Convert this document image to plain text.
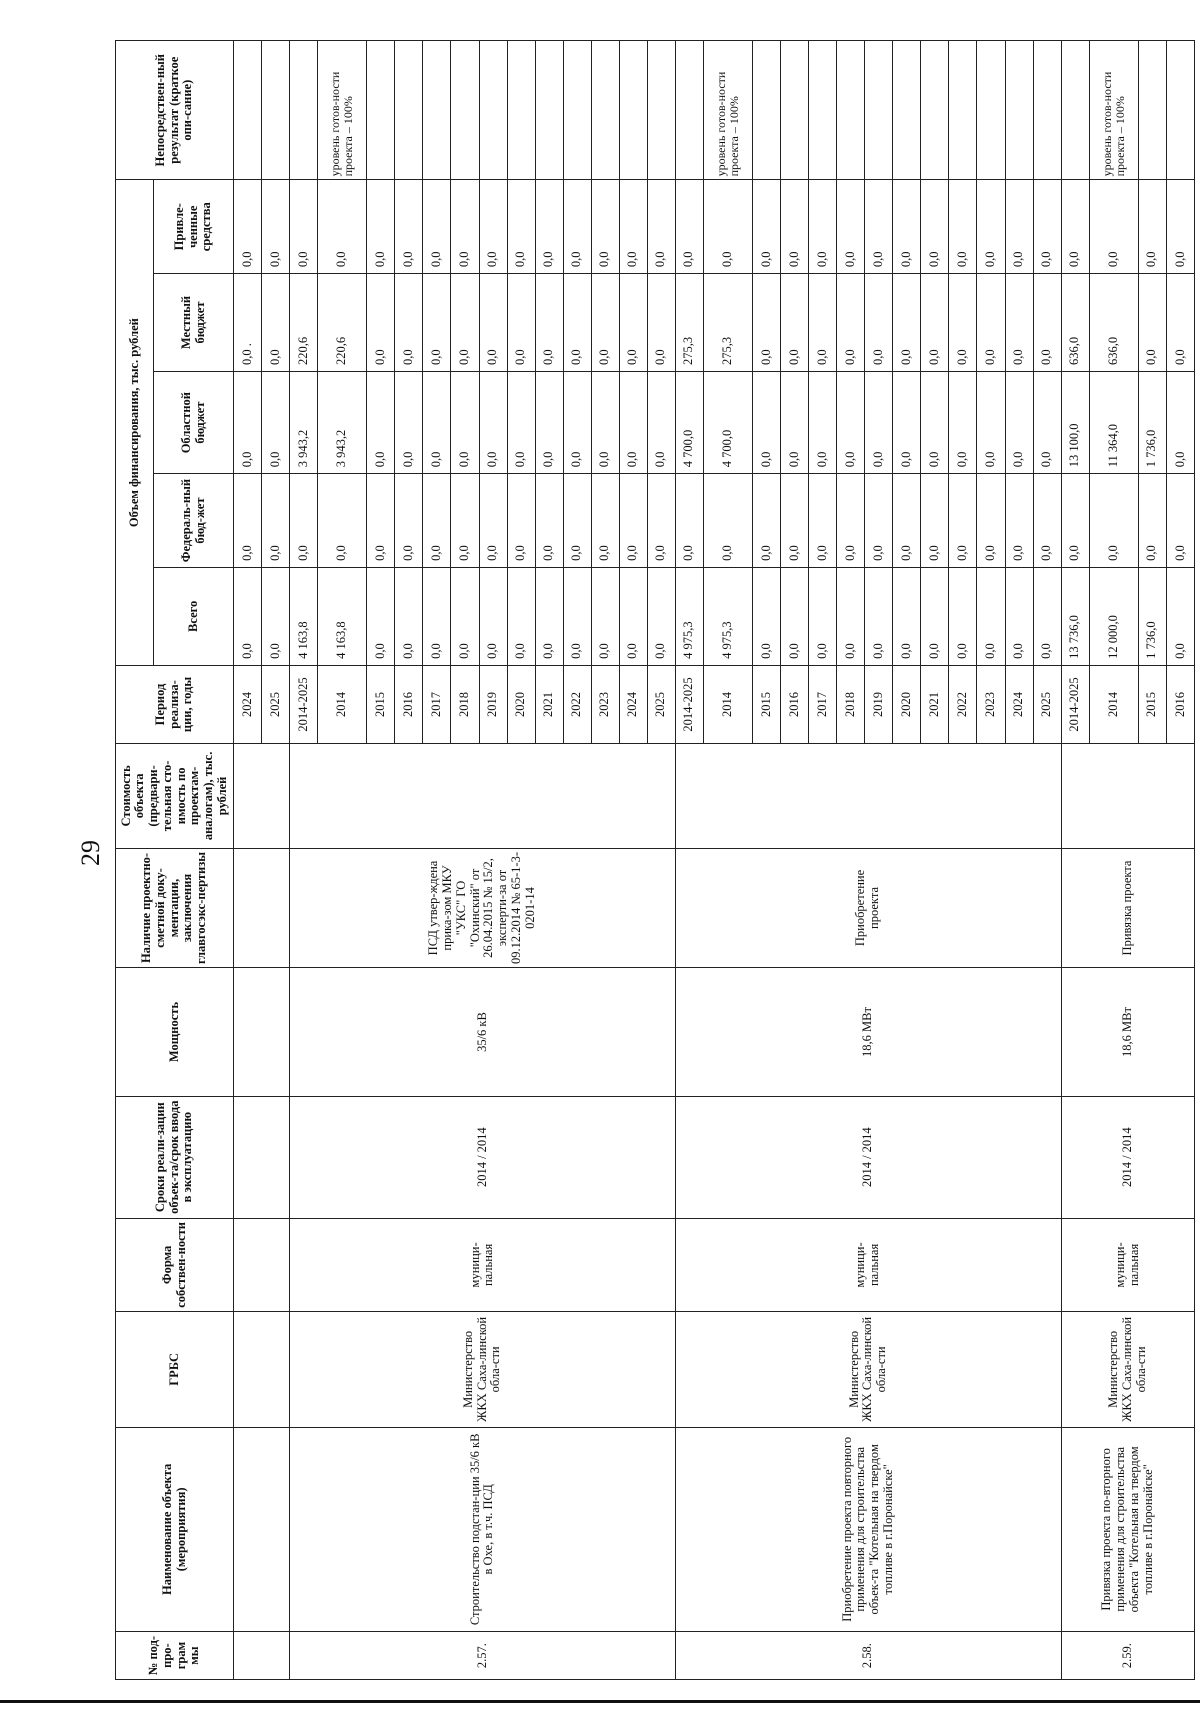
29
№ под-про-грам мы	Наименование объекта (мероприятия)	ГРБС	Форма собствен-ности	Сроки реали-зации объек-та/срок ввода в эксплуатацию	Мощность	Наличие проектно-сметной доку-ментации, заключения главгосэкс-пертизы	Стоимость объекта (предвари-тельная сто-имость по проектам-аналогам), тыс. рублей	Период реализа-ции, годы	Объем финансирования, тыс. рублей					Непосредствен-ный результат (краткое опи-сание)
									Всего	Федераль-ный бюд-жет	Областной бюджет	Местный бюджет	Привле-ченные средства	
								2024	0,0	0,0	0,0	0,0 .	0,0	
								2025	0,0	0,0	0,0	0,0	0,0	
2.57.	Строительство подстан-ции 35/6 кВ в Охе, в т.ч. ПСД	Министерство ЖКХ Саха-линской обла-сти	муници-пальная	2014 / 2014	35/6 кВ	ПСД утвер-ждена прика-зом МКУ "УКС" ГО "Охинский" от 26.04.2015 № 15/2, эксперти-за от 09.12.2014 № 65-1-3-0201-14		2014-2025	4 163,8	0,0	3 943,2	220,6	0,0	
								2014	4 163,8	0,0	3 943,2	220,6	0,0	уровень готов-ности проекта – 100%
								2015	0,0	0,0	0,0	0,0	0,0	
								2016	0,0	0,0	0,0	0,0	0,0	
								2017	0,0	0,0	0,0	0,0	0,0	
								2018	0,0	0,0	0,0	0,0	0,0	
								2019	0,0	0,0	0,0	0,0	0,0	
								2020	0,0	0,0	0,0	0,0	0,0	
								2021	0,0	0,0	0,0	0,0	0,0	
								2022	0,0	0,0	0,0	0,0	0,0	
								2023	0,0	0,0	0,0	0,0	0,0	
								2024	0,0	0,0	0,0	0,0	0,0	
								2025	0,0	0,0	0,0	0,0	0,0	
2.58.	Приобретение проекта повторного применения для строительства объек-та "Котельная на твердом топливе в г.Поронайске"	Министерство ЖКХ Саха-линской обла-сти	муници-пальная	2014 / 2014	18,6 МВт	Приобретение проекта		2014-2025	4 975,3	0,0	4 700,0	275,3	0,0	
								2014	4 975,3	0,0	4 700,0	275,3	0,0	уровень готов-ности проекта – 100%
								2015	0,0	0,0	0,0	0,0	0,0	
								2016	0,0	0,0	0,0	0,0	0,0	
								2017	0,0	0,0	0,0	0,0	0,0	
								2018	0,0	0,0	0,0	0,0	0,0	
								2019	0,0	0,0	0,0	0,0	0,0	
								2020	0,0	0,0	0,0	0,0	0,0	
								2021	0,0	0,0	0,0	0,0	0,0	
								2022	0,0	0,0	0,0	0,0	0,0	
								2023	0,0	0,0	0,0	0,0	0,0	
								2024	0,0	0,0	0,0	0,0	0,0	
								2025	0,0	0,0	0,0	0,0	0,0	
2.59.	Привязка проекта по-вторного применения для строительства объекта "Котельная на твердом топливе в г.Поронайске"	Министерство ЖКХ Саха-линской обла-сти	муници-пальная	2014 / 2014	18,6 МВт	Привязка проекта		2014-2025	13 736,0	0,0	13 100,0	636,0	0,0	
								2014	12 000,0	0,0	11 364,0	636,0	0,0	уровень готов-ности проекта – 100%
								2015	1 736,0	0,0	1 736,0	0,0	0,0	
								2016	0,0	0,0	0,0	0,0	0,0	
